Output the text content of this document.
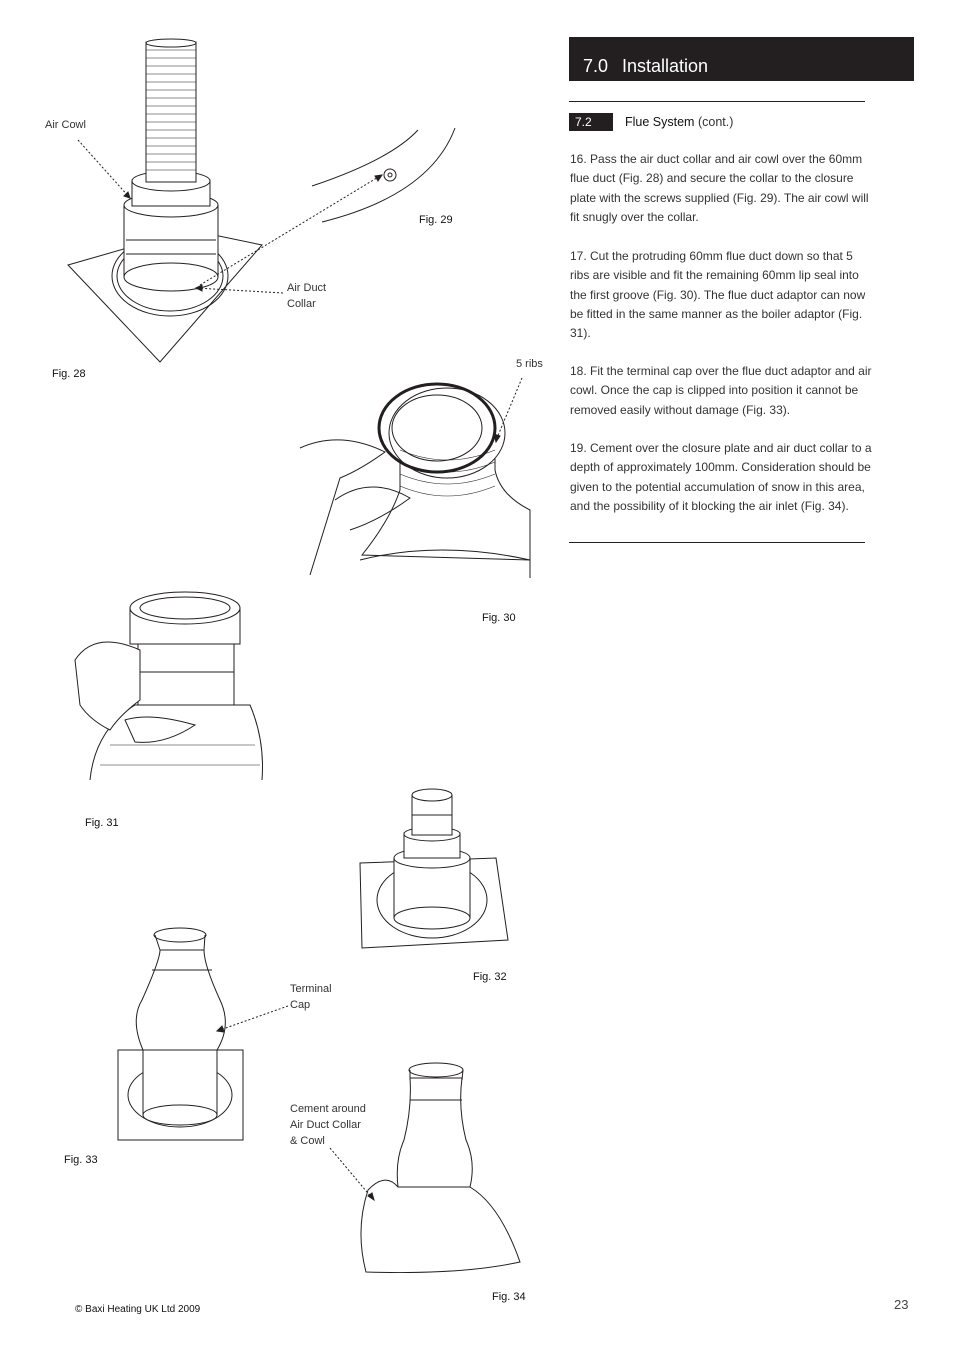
Air Cowl
Air Duct
Collar
Fig. 28
Fig. 29
5 ribs
Fig. 30
Fig. 31
Fig. 32
Terminal
Cap
Fig. 33
Cement around
Air Duct Collar
& Cowl
Fig. 34
7.0 Installation
7.2	Flue System (cont.)
16. Pass the air duct collar and air cowl over the 60mm flue duct (Fig. 28) and secure the collar to the closure plate with the screws supplied (Fig. 29). The air cowl will fit snugly over the collar.
17. Cut the protruding 60mm flue duct down so that 5 ribs are visible and fit the remaining 60mm lip seal into the first groove (Fig. 30). The flue duct adaptor can now be fitted in the same manner as the boiler adaptor (Fig. 31).
18. Fit the terminal cap over the flue duct adaptor and air cowl. Once the cap is clipped into position it cannot be removed easily without damage (Fig. 33).
19. Cement over the closure plate and air duct collar to a depth of approximately 100mm. Consideration should be given to the potential accumulation of snow in this area, and the possibility of it blocking the air inlet (Fig. 34).
© Baxi Heating UK Ltd 2009	23
